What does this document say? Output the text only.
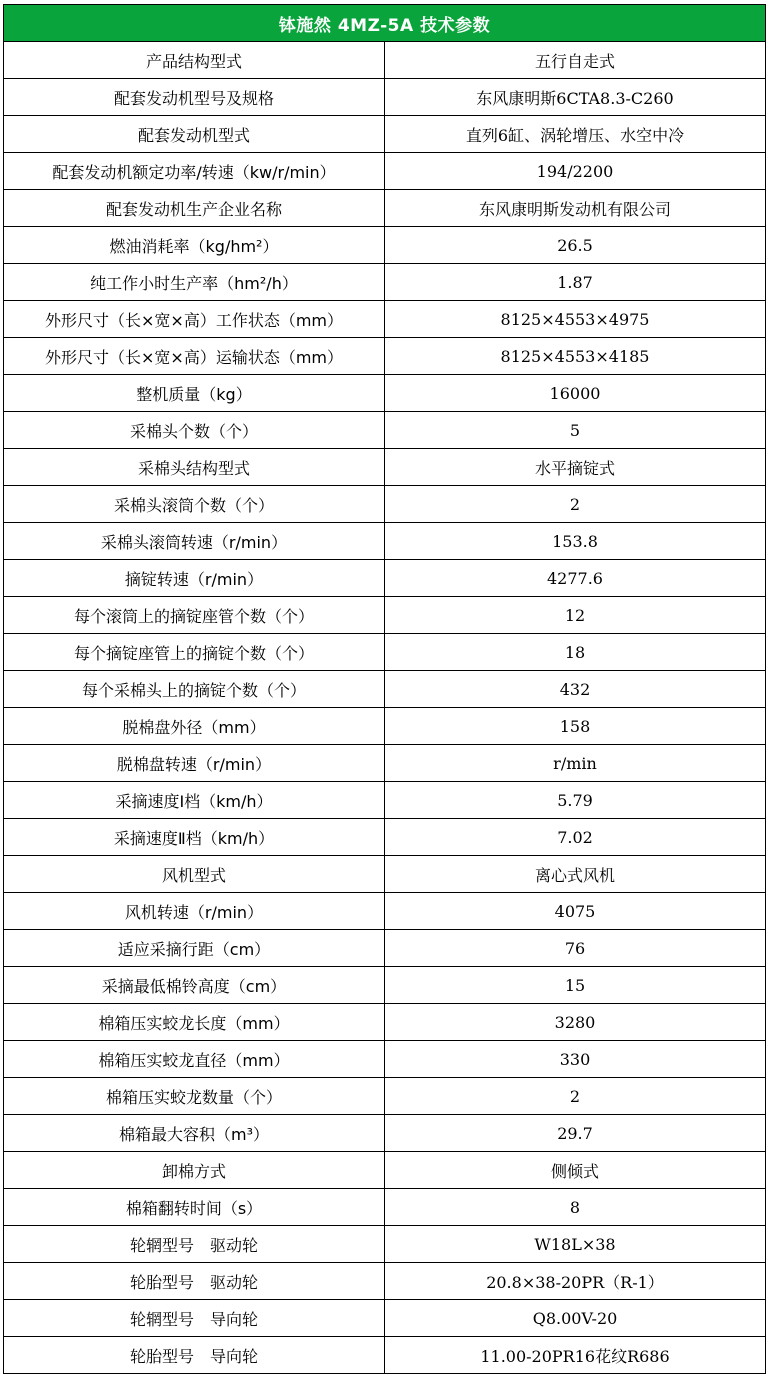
钵施然 4MZ-5A 技术参数	
产品结构型式	五行自走式
配套发动机型号及规格	东风康明斯6CTA8.3-C260
配套发动机型式	直列6缸、涡轮增压、水空中冷
配套发动机额定功率/转速（kw/r/min）	194/2200
配套发动机生产企业名称	东风康明斯发动机有限公司
燃油消耗率（kg/hm²）	26.5
纯工作小时生产率（hm²/h）	1.87
外形尺寸（长×宽×高）工作状态（mm）	8125×4553×4975
外形尺寸（长×宽×高）运输状态（mm）	8125×4553×4185
整机质量（kg）	16000
采棉头个数（个）	5
采棉头结构型式	水平摘锭式
采棉头滚筒个数（个）	2
采棉头滚筒转速（r/min）	153.8
摘锭转速（r/min）	4277.6
每个滚筒上的摘锭座管个数（个）	12
每个摘锭座管上的摘锭个数（个）	18
每个采棉头上的摘锭个数（个）	432
脱棉盘外径（mm）	158
脱棉盘转速（r/min）	r/min
采摘速度Ⅰ档（km/h）	5.79
采摘速度Ⅱ档（km/h）	7.02
风机型式	离心式风机
风机转速（r/min）	4075
适应采摘行距（cm）	76
采摘最低棉铃高度（cm）	15
棉箱压实蛟龙长度（mm）	3280
棉箱压实蛟龙直径（mm）	330
棉箱压实蛟龙数量（个）	2
棉箱最大容积（m³）	29.7
卸棉方式	侧倾式
棉箱翻转时间（s）	8
轮辋型号　驱动轮	W18L×38
轮胎型号　驱动轮	20.8×38-20PR（R-1）
轮辋型号　导向轮	Q8.00V-20
轮胎型号　导向轮	11.00-20PR16花纹R686
